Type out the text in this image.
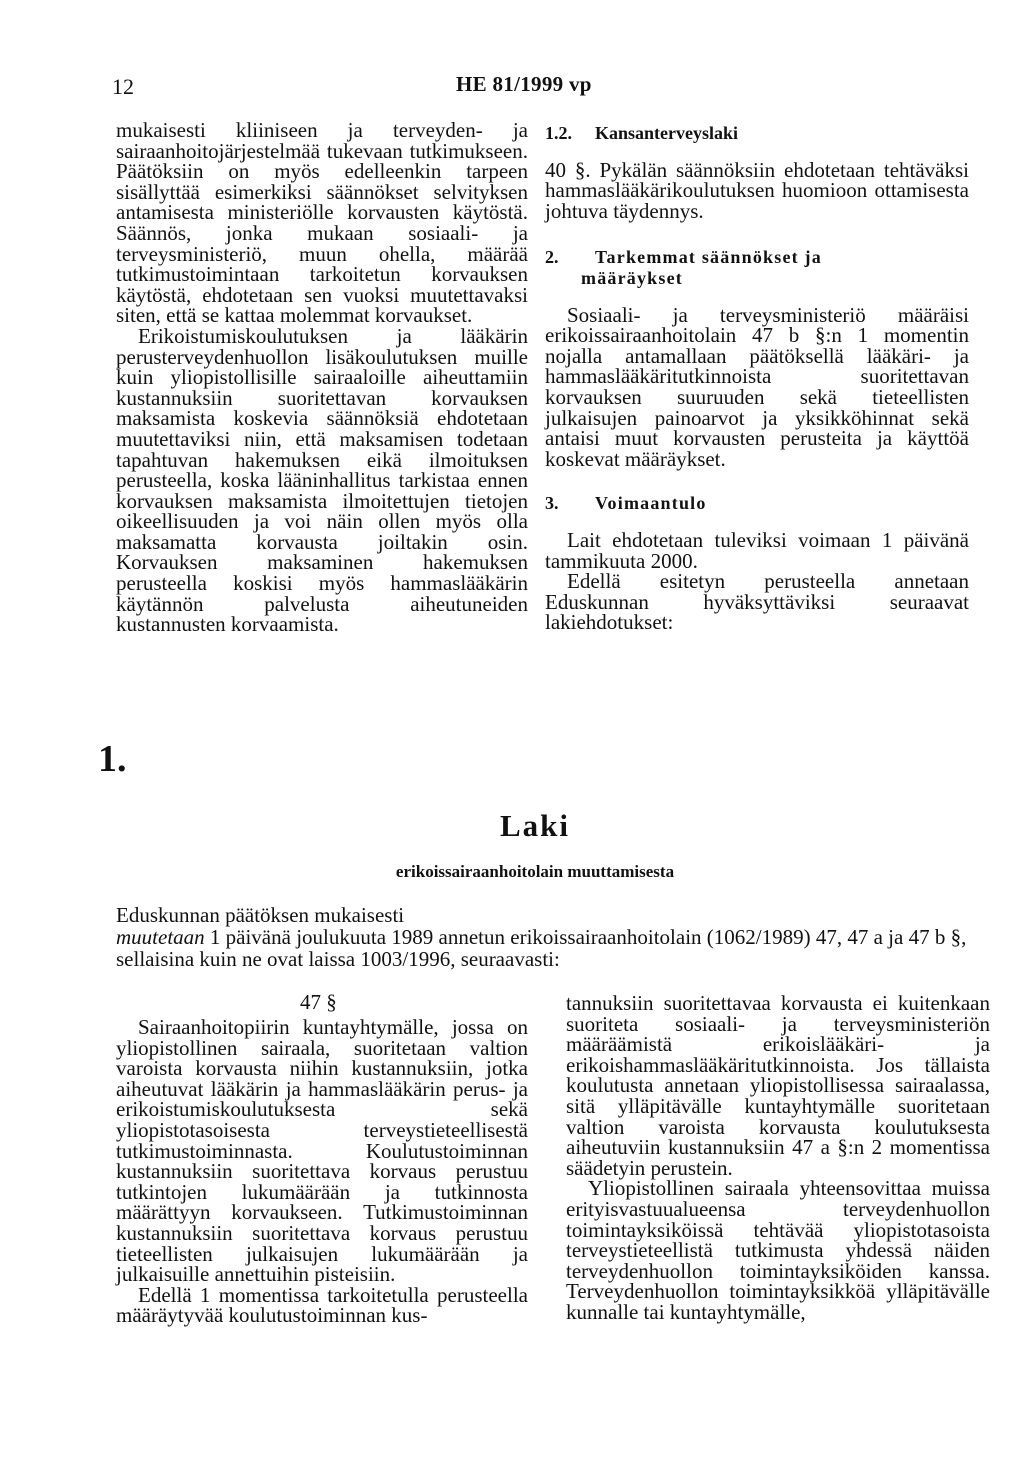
12	HE 81/1999 vp

mukaisesti kliiniseen ja terveyden- ja sairaanhoitojärjestelmää tukevaan tutkimukseen. Päätöksiin on myös edelleenkin tarpeen sisällyttää esimerkiksi säännökset selvityksen antamisesta ministeriölle korvausten käytöstä. Säännös, jonka mukaan sosiaali- ja terveysministeriö, muun ohella, määrää tutkimustoimintaan tarkoitetun korvauksen käytöstä, ehdotetaan sen vuoksi muutettavaksi siten, että se kattaa molemmat korvaukset.

Erikoistumiskoulutuksen ja lääkärin perusterveydenhuollon lisäkoulutuksen muille kuin yliopistollisille sairaaloille aiheuttamiin kustannuksiin suoritettavan korvauksen maksamista koskevia säännöksiä ehdotetaan muutettaviksi niin, että maksamisen todetaan tapahtuvan hakemuksen eikä ilmoituksen perusteella, koska lääninhallitus tarkistaa ennen korvauksen maksamista ilmoitettujen tietojen oikeellisuuden ja voi näin ollen myös olla maksamatta korvausta joiltakin osin. Korvauksen maksaminen hakemuksen perusteella koskisi myös hammaslääkärin käytännön palvelusta aiheutuneiden kustannusten korvaamista.

1.2. Kansanterveyslaki

40 §. Pykälän säännöksiin ehdotetaan tehtäväksi hammaslääkärikoulutuksen huomioon ottamisesta johtuva täydennys.

2. Tarkemmat säännökset ja

määräykset

Sosiaali- ja terveysministeriö määräisi erikoissairaanhoitolain 47 b §:n 1 momentin nojalla antamallaan päätöksellä lääkäri- ja hammaslääkäritutkinnoista suoritettavan korvauksen suuruuden sekä tieteellisten julkaisujen painoarvot ja yksikköhinnat sekä antaisi muut korvausten perusteita ja käyttöä koskevat määräykset.

3. Voimaantulo

Lait ehdotetaan tuleviksi voimaan 1 päivänä tammikuuta 2000.

Edellä esitetyn perusteella annetaan Eduskunnan hyväksyttäviksi seuraavat lakiehdotukset:

1.
Laki
erikoissairaanhoitolain muuttamisesta

Eduskunnan päätöksen mukaisesti

muutetaan 1 päivänä joulukuuta 1989 annetun erikoissairaanhoitolain (1062/1989) 47, 47 a ja 47 b §, sellaisina kuin ne ovat laissa 1003/1996, seuraavasti:

47 §

Sairaanhoitopiirin kuntayhtymälle, jossa on yliopistollinen sairaala, suoritetaan valtion varoista korvausta niihin kustannuksiin, jotka aiheutuvat lääkärin ja hammaslääkärin perus- ja erikoistumiskoulutuksesta sekä yliopistotasoisesta terveystieteellisestä tutkimustoiminnasta. Koulutustoiminnan kustannuksiin suoritettava korvaus perustuu tutkintojen lukumäärään ja tutkinnosta määrättyyn korvaukseen. Tutkimustoiminnan kustannuksiin suoritettava korvaus perustuu tieteellisten julkaisujen lukumäärään ja julkaisuille annettuihin pisteisiin.

Edellä 1 momentissa tarkoitetulla perusteella määräytyvää koulutustoiminnan kus-

tannuksiin suoritettavaa korvausta ei kuitenkaan suoriteta sosiaali- ja terveysministeriön määräämistä erikoislääkäri- ja erikoishammaslääkäritutkinnoista. Jos tällaista koulutusta annetaan yliopistollisessa sairaalassa, sitä ylläpitävälle kuntayhtymälle suoritetaan valtion varoista korvausta koulutuksesta aiheutuviin kustannuksiin 47 a §:n 2 momentissa säädetyin perustein.

Yliopistollinen sairaala yhteensovittaa muissa erityisvastuualueensa terveydenhuollon toimintayksiköissä tehtävää yliopistotasoista terveystieteellistä tutkimusta yhdessä näiden terveydenhuollon toimintayksiköiden kanssa. Terveydenhuollon toimintayksikköä ylläpitävälle kunnalle tai kuntayhtymälle,
